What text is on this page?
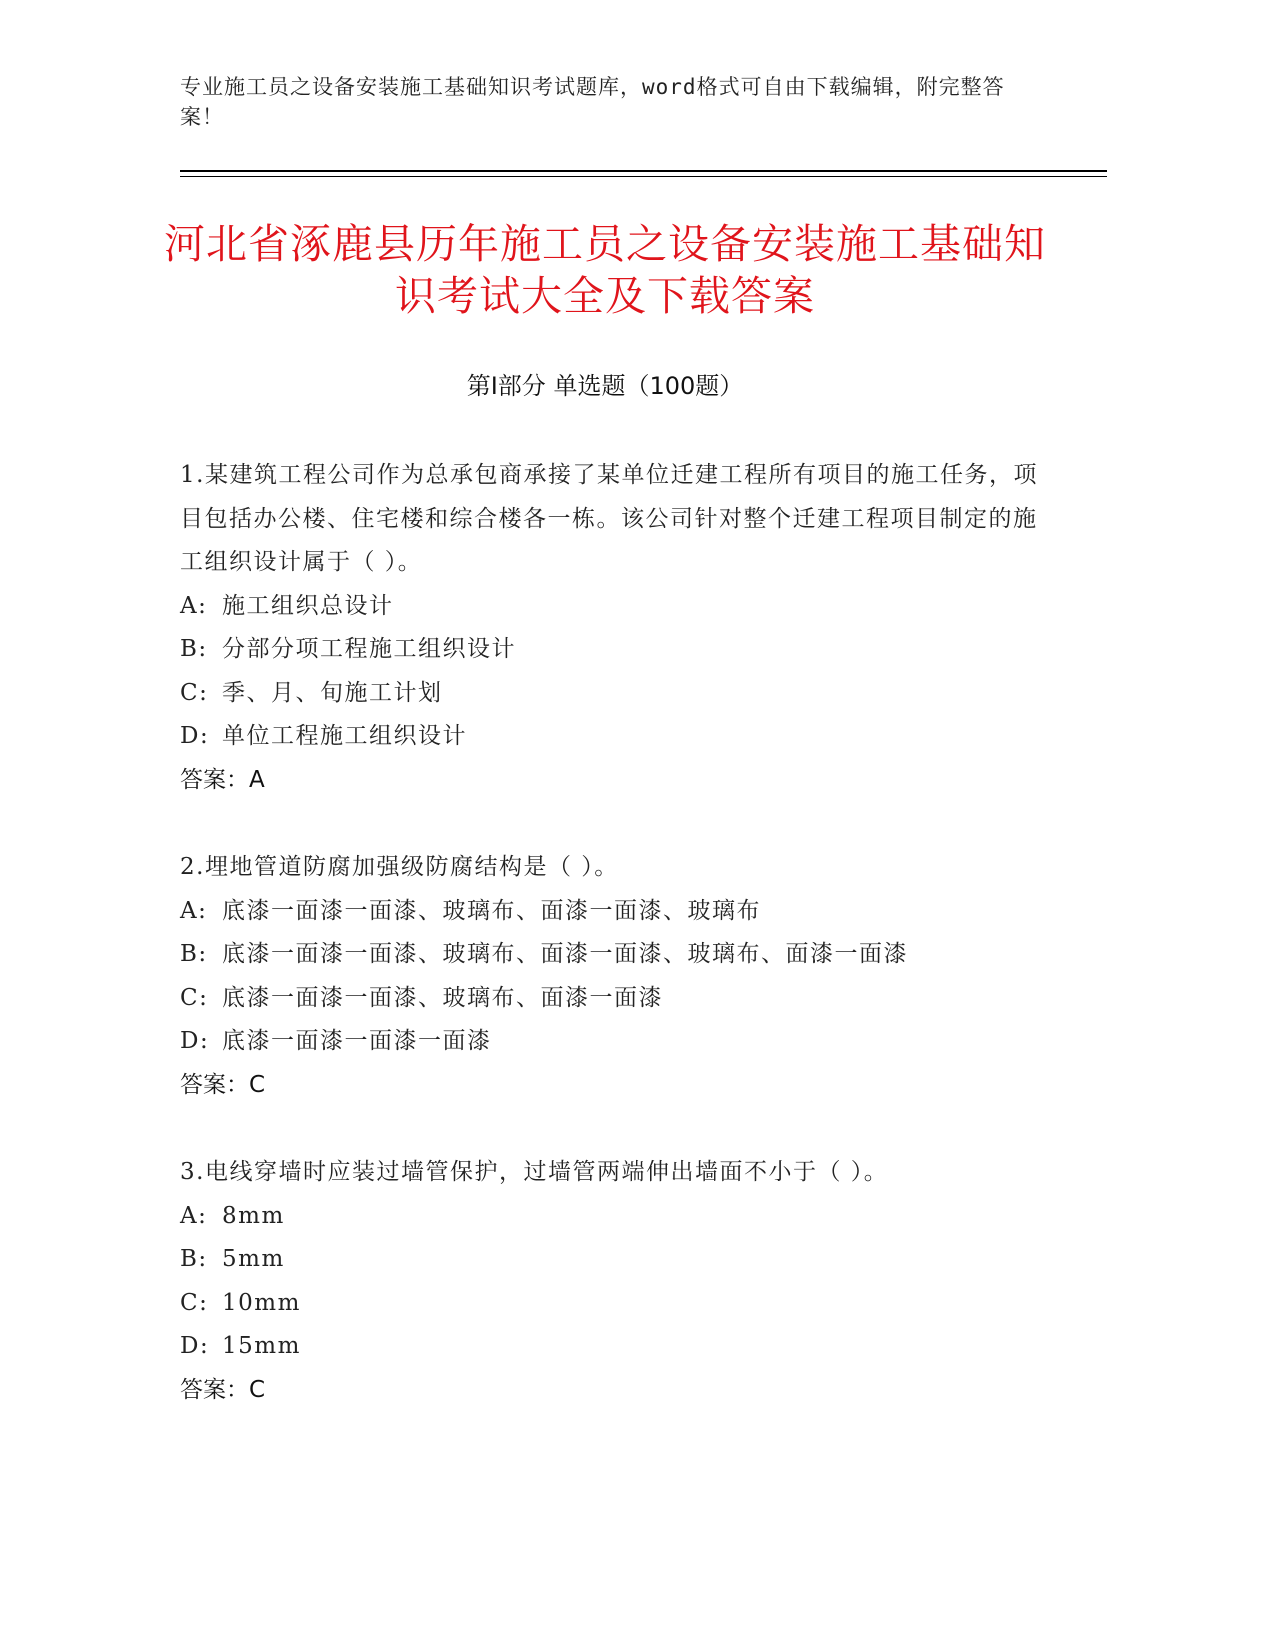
专业施工员之设备安装施工基础知识考试题库，word格式可自由下载编辑，附完整答案！
河北省涿鹿县历年施工员之设备安装施工基础知识考试大全及下载答案
第Ⅰ部分 单选题（100题）
1.某建筑工程公司作为总承包商承接了某单位迁建工程所有项目的施工任务，项目包括办公楼、住宅楼和综合楼各一栋。该公司针对整个迁建工程项目制定的施工组织设计属于（ ）。
A: 施工组织总设计
B: 分部分项工程施工组织设计
C: 季、月、旬施工计划
D: 单位工程施工组织设计
答案：A
2.埋地管道防腐加强级防腐结构是（ ）。
A: 底漆一面漆一面漆、玻璃布、面漆一面漆、玻璃布
B: 底漆一面漆一面漆、玻璃布、面漆一面漆、玻璃布、面漆一面漆
C: 底漆一面漆一面漆、玻璃布、面漆一面漆
D: 底漆一面漆一面漆一面漆
答案：C
3.电线穿墙时应装过墙管保护，过墙管两端伸出墙面不小于（ ）。
A: 8mm
B: 5mm
C: 10mm
D: 15mm
答案：C
